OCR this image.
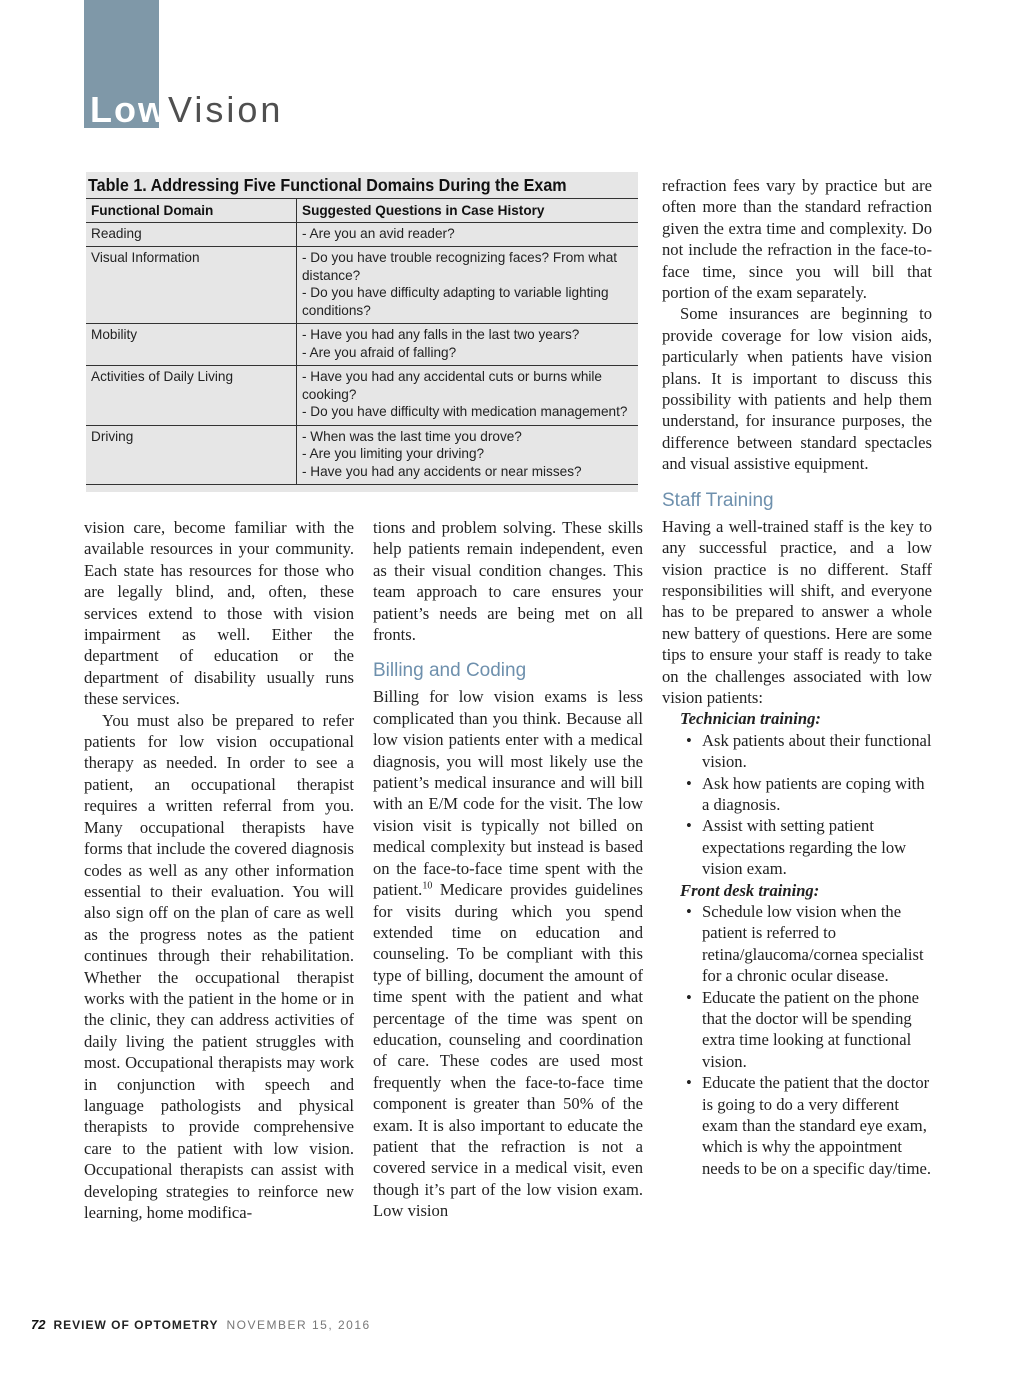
LowVision
Table 1. Addressing Five Functional Domains During the Exam
Functional Domain	Suggested Questions in Case History
Reading	- Are you an avid reader?

Visual Information	- Do you have trouble recognizing faces? From what distance?
- Do you have difficulty adapting to variable lighting conditions?

Mobility	- Have you had any falls in the last two years?
- Are you afraid of falling?

Activities of Daily Living	- Have you had any accidental cuts or burns while cooking?
- Do you have difficulty with medication management?

Driving	- When was the last time you drove?
- Are you limiting your driving?
- Have you had any accidents or near misses?

vision care, become familiar with the available resources in your community. Each state has resources for those who are legally blind, and, often, these services extend to those with vision impairment as well. Either the department of education or the department of disability usually runs these services.

You must also be prepared to refer patients for low vision occupational therapy as needed. In order to see a patient, an occupational therapist requires a written referral from you. Many occupational therapists have forms that include the covered diagnosis codes as well as any other information essential to their evaluation. You will also sign off on the plan of care as well as the progress notes as the patient continues through their rehabilitation. Whether the occupational therapist works with the patient in the home or in the clinic, they can address activities of daily living the patient struggles with most. Occupational therapists may work in conjunction with speech and language pathologists and physical therapists to provide comprehensive care to the patient with low vision. Occupational therapists can assist with developing strategies to reinforce new learning, home modifica-

tions and problem solving. These skills help patients remain independent, even as their visual condition changes. This team approach to care ensures your patient’s needs are being met on all fronts.

Billing and Coding

Billing for low vision exams is less complicated than you think. Because all low vision patients enter with a medical diagnosis, you will most likely use the patient’s medical insurance and will bill with an E/M code for the visit. The low vision visit is typically not billed on medical complexity but instead is based on the face-to-face time spent with the patient.$^{10}$ Medicare provides guidelines for visits during which you spend extended time on education and counseling. To be compliant with this type of billing, document the amount of time spent with the patient and what percentage of the time was spent on education, counseling and coordination of care. These codes are used most frequently when the face-to-face time component is greater than 50% of the exam. It is also important to educate the patient that the refraction is not a covered service in a medical visit, even though it’s part of the low vision exam. Low vision

refraction fees vary by practice but are often more than the standard refraction given the extra time and complexity. Do not include the refraction in the face-to-face time, since you will bill that portion of the exam separately.

Some insurances are beginning to provide coverage for low vision aids, particularly when patients have vision plans. It is important to discuss this possibility with patients and help them understand, for insurance purposes, the difference between standard spectacles and visual assistive equipment.

Staff Training

Having a well-trained staff is the key to any successful practice, and a low vision practice is no different. Staff responsibilities will shift, and everyone has to be prepared to answer a whole new battery of questions. Here are some tips to ensure your staff is ready to take on the challenges associated with low vision patients:

Technician training:
• Ask patients about their functional vision.
• Ask how patients are coping with a diagnosis.
• Assist with setting patient expectations regarding the low vision exam.
Front desk training:
• Schedule low vision when the patient is referred to retina/glaucoma/cornea specialist for a chronic ocular disease.
• Educate the patient on the phone that the doctor will be spending extra time looking at functional vision.
• Educate the patient that the doctor is going to do a very different exam than the standard eye exam, which is why the appointment needs to be on a specific day/time.
72 REVIEW OF OPTOMETRY NOVEMBER 15, 2016
